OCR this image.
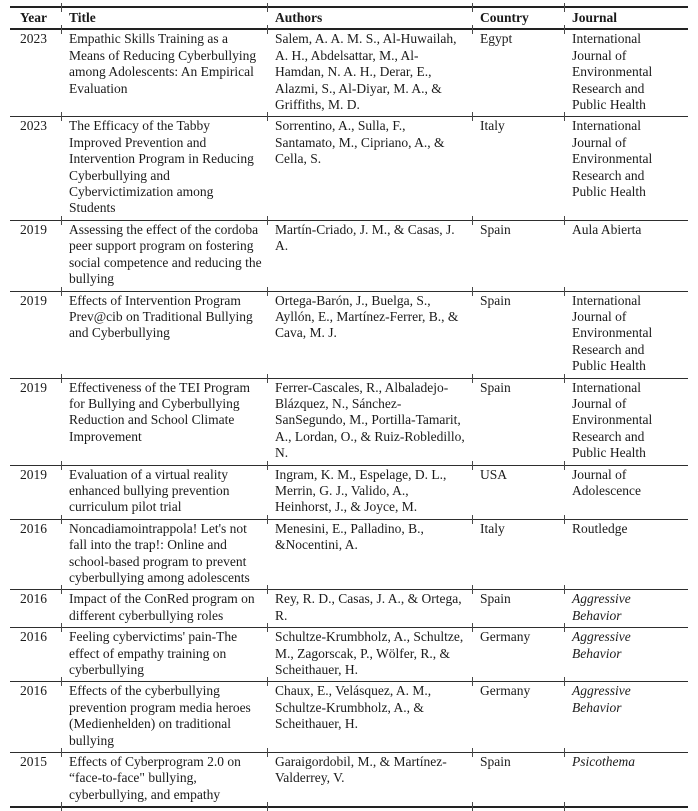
Year	Title	Authors	Country	Journal
2023	Empathic Skills Training as a Means of Reducing Cyberbullying among Adolescents: An Empirical Evaluation	Salem, A. A. M. S., Al-Huwailah, A. H., Abdelsattar, M., Al-Hamdan, N. A. H., Derar, E., Alazmi, S., Al-Diyar, M. A., & Griffiths, M. D.	Egypt	International Journal of Environmental Research and Public Health
2023	The Efficacy of the Tabby Improved Prevention and Intervention Program in Reducing Cyberbullying and Cybervictimization among Students	Sorrentino, A., Sulla, F., Santamato, M., Cipriano, A., & Cella, S.	Italy	International Journal of Environmental Research and Public Health
2019	Assessing the effect of the cordoba peer support program on fostering social competence and reducing the bullying	Martín-Criado, J. M., & Casas, J. A.	Spain	Aula Abierta
2019	Effects of Intervention Program Prev@cib on Traditional Bullying and Cyberbullying	Ortega-Barón, J., Buelga, S., Ayllón, E., Martínez-Ferrer, B., & Cava, M. J.	Spain	International Journal of Environmental Research and Public Health
2019	Effectiveness of the TEI Program for Bullying and Cyberbullying Reduction and School Climate Improvement	Ferrer-Cascales, R., Albaladejo-Blázquez, N., Sánchez-SanSegundo, M., Portilla-Tamarit, A., Lordan, O., & Ruiz-Robledillo, N.	Spain	International Journal of Environmental Research and Public Health
2019	Evaluation of a virtual reality enhanced bullying prevention curriculum pilot trial	Ingram, K. M., Espelage, D. L., Merrin, G. J., Valido, A., Heinhorst, J., & Joyce, M.	USA	Journal of Adolescence
2016	Noncadiamointrappola! Let's not fall into the trap!: Online and school-based program to prevent cyberbullying among adolescents	Menesini, E., Palladino, B., &Nocentini, A.	Italy	Routledge
2016	Impact of the ConRed program on different cyberbullying roles	Rey, R. D., Casas, J. A., & Ortega, R.	Spain	Aggressive Behavior
2016	Feeling cybervictims' pain-The effect of empathy training on cyberbullying	Schultze-Krumbholz, A., Schultze, M., Zagorscak, P., Wölfer, R., & Scheithauer, H.	Germany	Aggressive Behavior
2016	Effects of the cyberbullying prevention program media heroes (Medienhelden) on traditional bullying	Chaux, E., Velásquez, A. M., Schultze-Krumbholz, A., & Scheithauer, H.	Germany	Aggressive Behavior
2015	Effects of Cyberprogram 2.0 on “face-to-face" bullying, cyberbullying, and empathy	Garaigordobil, M., & Martínez-Valderrey, V.	Spain	Psicothema
